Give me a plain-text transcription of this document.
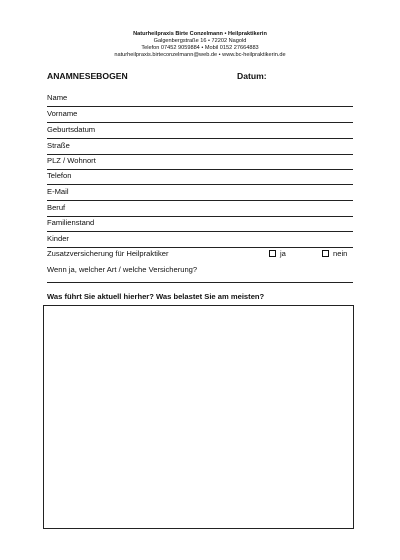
Naturheilpraxis Birte Conzelmann • Heilpraktikerin
Galgenbergstraße 16 • 72202 Nagold
Telefon 07452 9059884 • Mobil 0152 27664883
naturheilpraxis.birteconzelmann@web.de • www.bc-heilpraktikerin.de
ANAMNESEBOGEN	Datum:
Name
Vorname
Geburtsdatum
Straße
PLZ / Wohnort
Telefon
E-Mail
Beruf
Familienstand
Kinder
Zusatzversicherung für Heilpraktiker	ja	nein
Wenn ja, welcher Art / welche Versicherung?
Was führt Sie aktuell hierher? Was belastet Sie am meisten?
